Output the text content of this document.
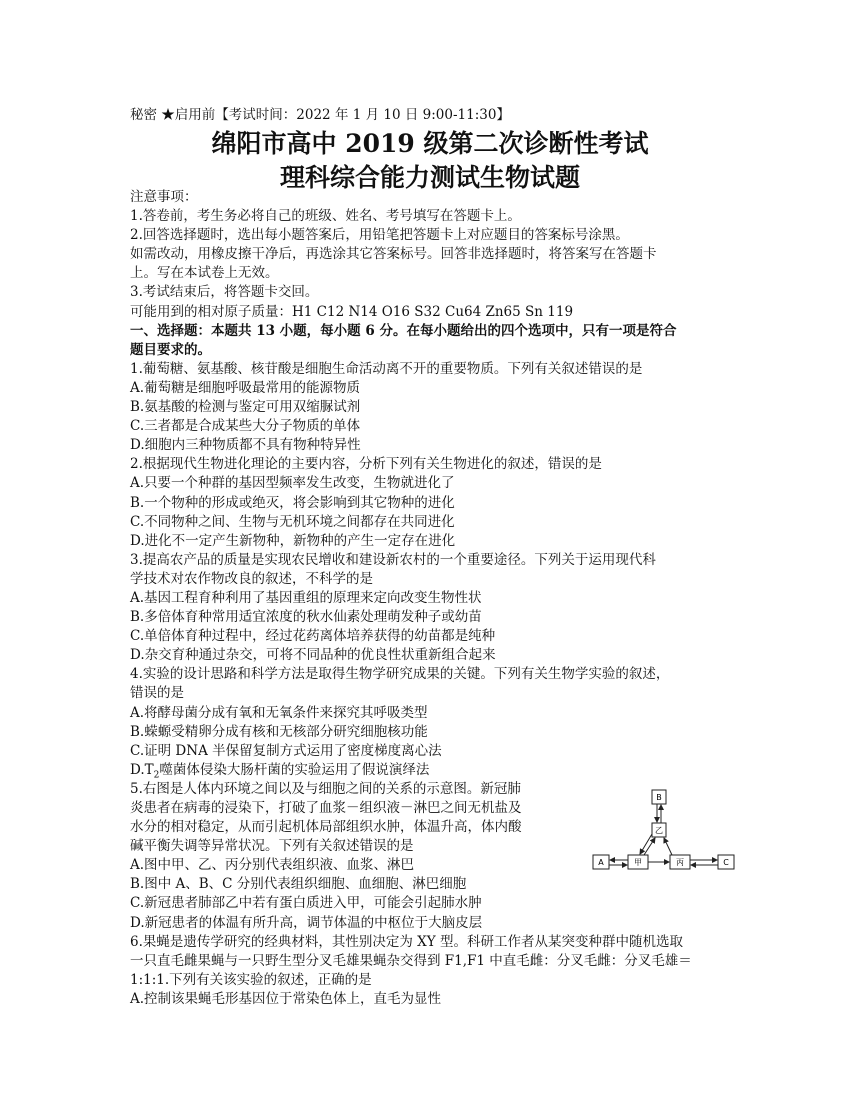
秘密 ★启用前【考试时间：2022 年 1 月 10 日 9:00-11:30】
绵阳市高中 2019 级第二次诊断性考试
理科综合能力测试生物试题
注意事项：
1.答卷前，考生务必将自己的班级、姓名、考号填写在答题卡上。
2.回答选择题时，选出每小题答案后，用铅笔把答题卡上对应题目的答案标号涂黑。
如需改动，用橡皮擦干净后，再选涂其它答案标号。回答非选择题时，将答案写在答题卡
上。写在本试卷上无效。
3.考试结束后，将答题卡交回。
可能用到的相对原子质量：H1 C12 N14 O16 S32 Cu64 Zn65 Sn 119
一、选择题：本题共 13 小题，每小题 6 分。在每小题给出的四个选项中，只有一项是符合
题目要求的。
1.葡萄糖、氨基酸、核苷酸是细胞生命活动离不开的重要物质。下列有关叙述错误的是
A.葡萄糖是细胞呼吸最常用的能源物质
B.氨基酸的检测与鉴定可用双缩脲试剂
C.三者都是合成某些大分子物质的单体
D.细胞内三种物质都不具有物种特异性
2.根据现代生物进化理论的主要内容，分析下列有关生物进化的叙述，错误的是
A.只要一个种群的基因型频率发生改变，生物就进化了
B.一个物种的形成或绝灭，将会影响到其它物种的进化
C.不同物种之间、生物与无机环境之间都存在共同进化
D.进化不一定产生新物种，新物种的产生一定存在进化
3.提高农产品的质量是实现农民增收和建设新农村的一个重要途径。下列关于运用现代科
学技术对农作物改良的叙述，不科学的是
A.基因工程育种利用了基因重组的原理来定向改变生物性状
B.多倍体育种常用适宜浓度的秋水仙素处理萌发种子或幼苗
C.单倍体育种过程中，经过花药离体培养获得的幼苗都是纯种
D.杂交育种通过杂交，可将不同品种的优良性状重新组合起来
4.实验的设计思路和科学方法是取得生物学研究成果的关键。下列有关生物学实验的叙述，
错误的是
A.将酵母菌分成有氧和无氧条件来探究其呼吸类型
B.蝾螈受精卵分成有核和无核部分研究细胞核功能
C.证明 DNA 半保留复制方式运用了密度梯度离心法
$D.T_2$噬菌体侵染大肠杆菌的实验运用了假说演绎法
5.右图是人体内环境之间以及与细胞之间的关系的示意图。新冠肺
炎患者在病毒的浸染下，打破了血浆－组织液－淋巴之间无机盐及
水分的相对稳定，从而引起机体局部组织水肿，体温升高，体内酸
碱平衡失调等异常状况。下列有关叙述错误的是
A.图中甲、乙、丙分别代表组织液、血浆、淋巴
B.图中 A、B、C 分别代表组织细胞、血细胞、淋巴细胞
C.新冠患者肺部乙中若有蛋白质进入甲，可能会引起肺水肿
D.新冠患者的体温有所升高，调节体温的中枢位于大脑皮层
6.果蝇是遗传学研究的经典材料，其性别决定为 XY 型。科研工作者从某突变种群中随机选取
一只直毛雌果蝇与一只野生型分叉毛雄果蝇杂交得到 F1,F1 中直毛雌：分叉毛雌：分叉毛雄＝
1:1:1.下列有关该实验的叙述，正确的是
A.控制该果蝇毛形基因位于常染色体上，直毛为显性
B
乙
A	甲	丙	C
